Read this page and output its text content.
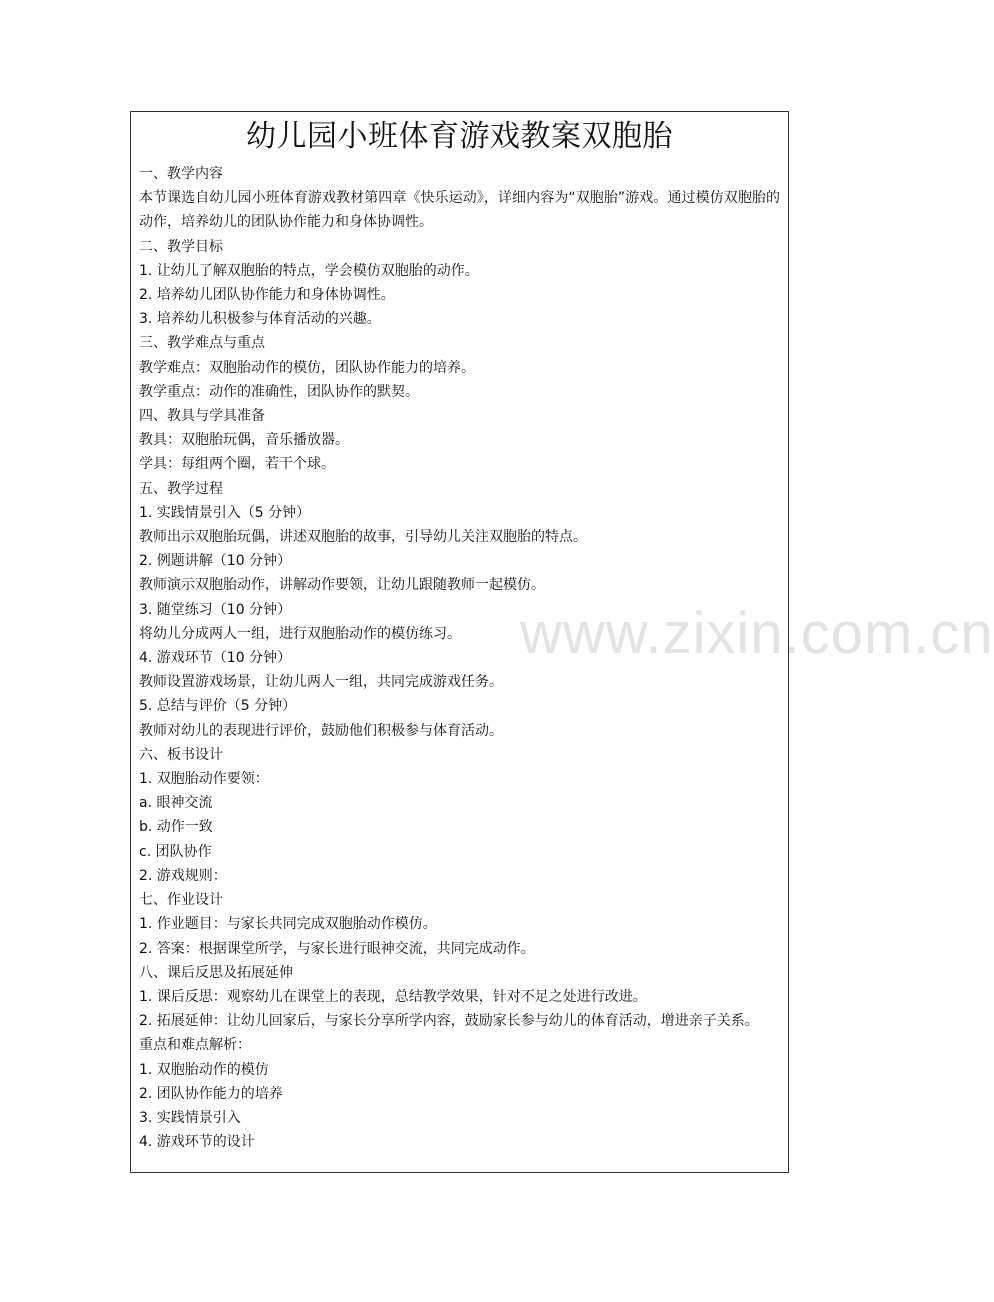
www.zixin.com.cn
幼儿园小班体育游戏教案双胞胎

一、教学内容

本节课选自幼儿园小班体育游戏教材第四章《快乐运动》，详细内容为“双胞胎”游戏。通过模仿双胞胎的动作，培养幼儿的团队协作能力和身体协调性。

二、教学目标

1. 让幼儿了解双胞胎的特点，学会模仿双胞胎的动作。

2. 培养幼儿团队协作能力和身体协调性。

3. 培养幼儿积极参与体育活动的兴趣。

三、教学难点与重点

教学难点：双胞胎动作的模仿，团队协作能力的培养。

教学重点：动作的准确性，团队协作的默契。

四、教具与学具准备

教具：双胞胎玩偶，音乐播放器。

学具：每组两个圈，若干个球。

五、教学过程

1. 实践情景引入（5 分钟）

教师出示双胞胎玩偶，讲述双胞胎的故事，引导幼儿关注双胞胎的特点。

2. 例题讲解（10 分钟）

教师演示双胞胎动作，讲解动作要领，让幼儿跟随教师一起模仿。

3. 随堂练习（10 分钟）

将幼儿分成两人一组，进行双胞胎动作的模仿练习。

4. 游戏环节（10 分钟）

教师设置游戏场景，让幼儿两人一组，共同完成游戏任务。

5. 总结与评价（5 分钟）

教师对幼儿的表现进行评价，鼓励他们积极参与体育活动。

六、板书设计

1. 双胞胎动作要领：

a. 眼神交流

b. 动作一致

c. 团队协作

2. 游戏规则：

七、作业设计

1. 作业题目：与家长共同完成双胞胎动作模仿。

2. 答案：根据课堂所学，与家长进行眼神交流，共同完成动作。

八、课后反思及拓展延伸

1. 课后反思：观察幼儿在课堂上的表现，总结教学效果，针对不足之处进行改进。

2. 拓展延伸：让幼儿回家后，与家长分享所学内容，鼓励家长参与幼儿的体育活动，增进亲子关系。

重点和难点解析：

1. 双胞胎动作的模仿

2. 团队协作能力的培养

3. 实践情景引入

4. 游戏环节的设计
